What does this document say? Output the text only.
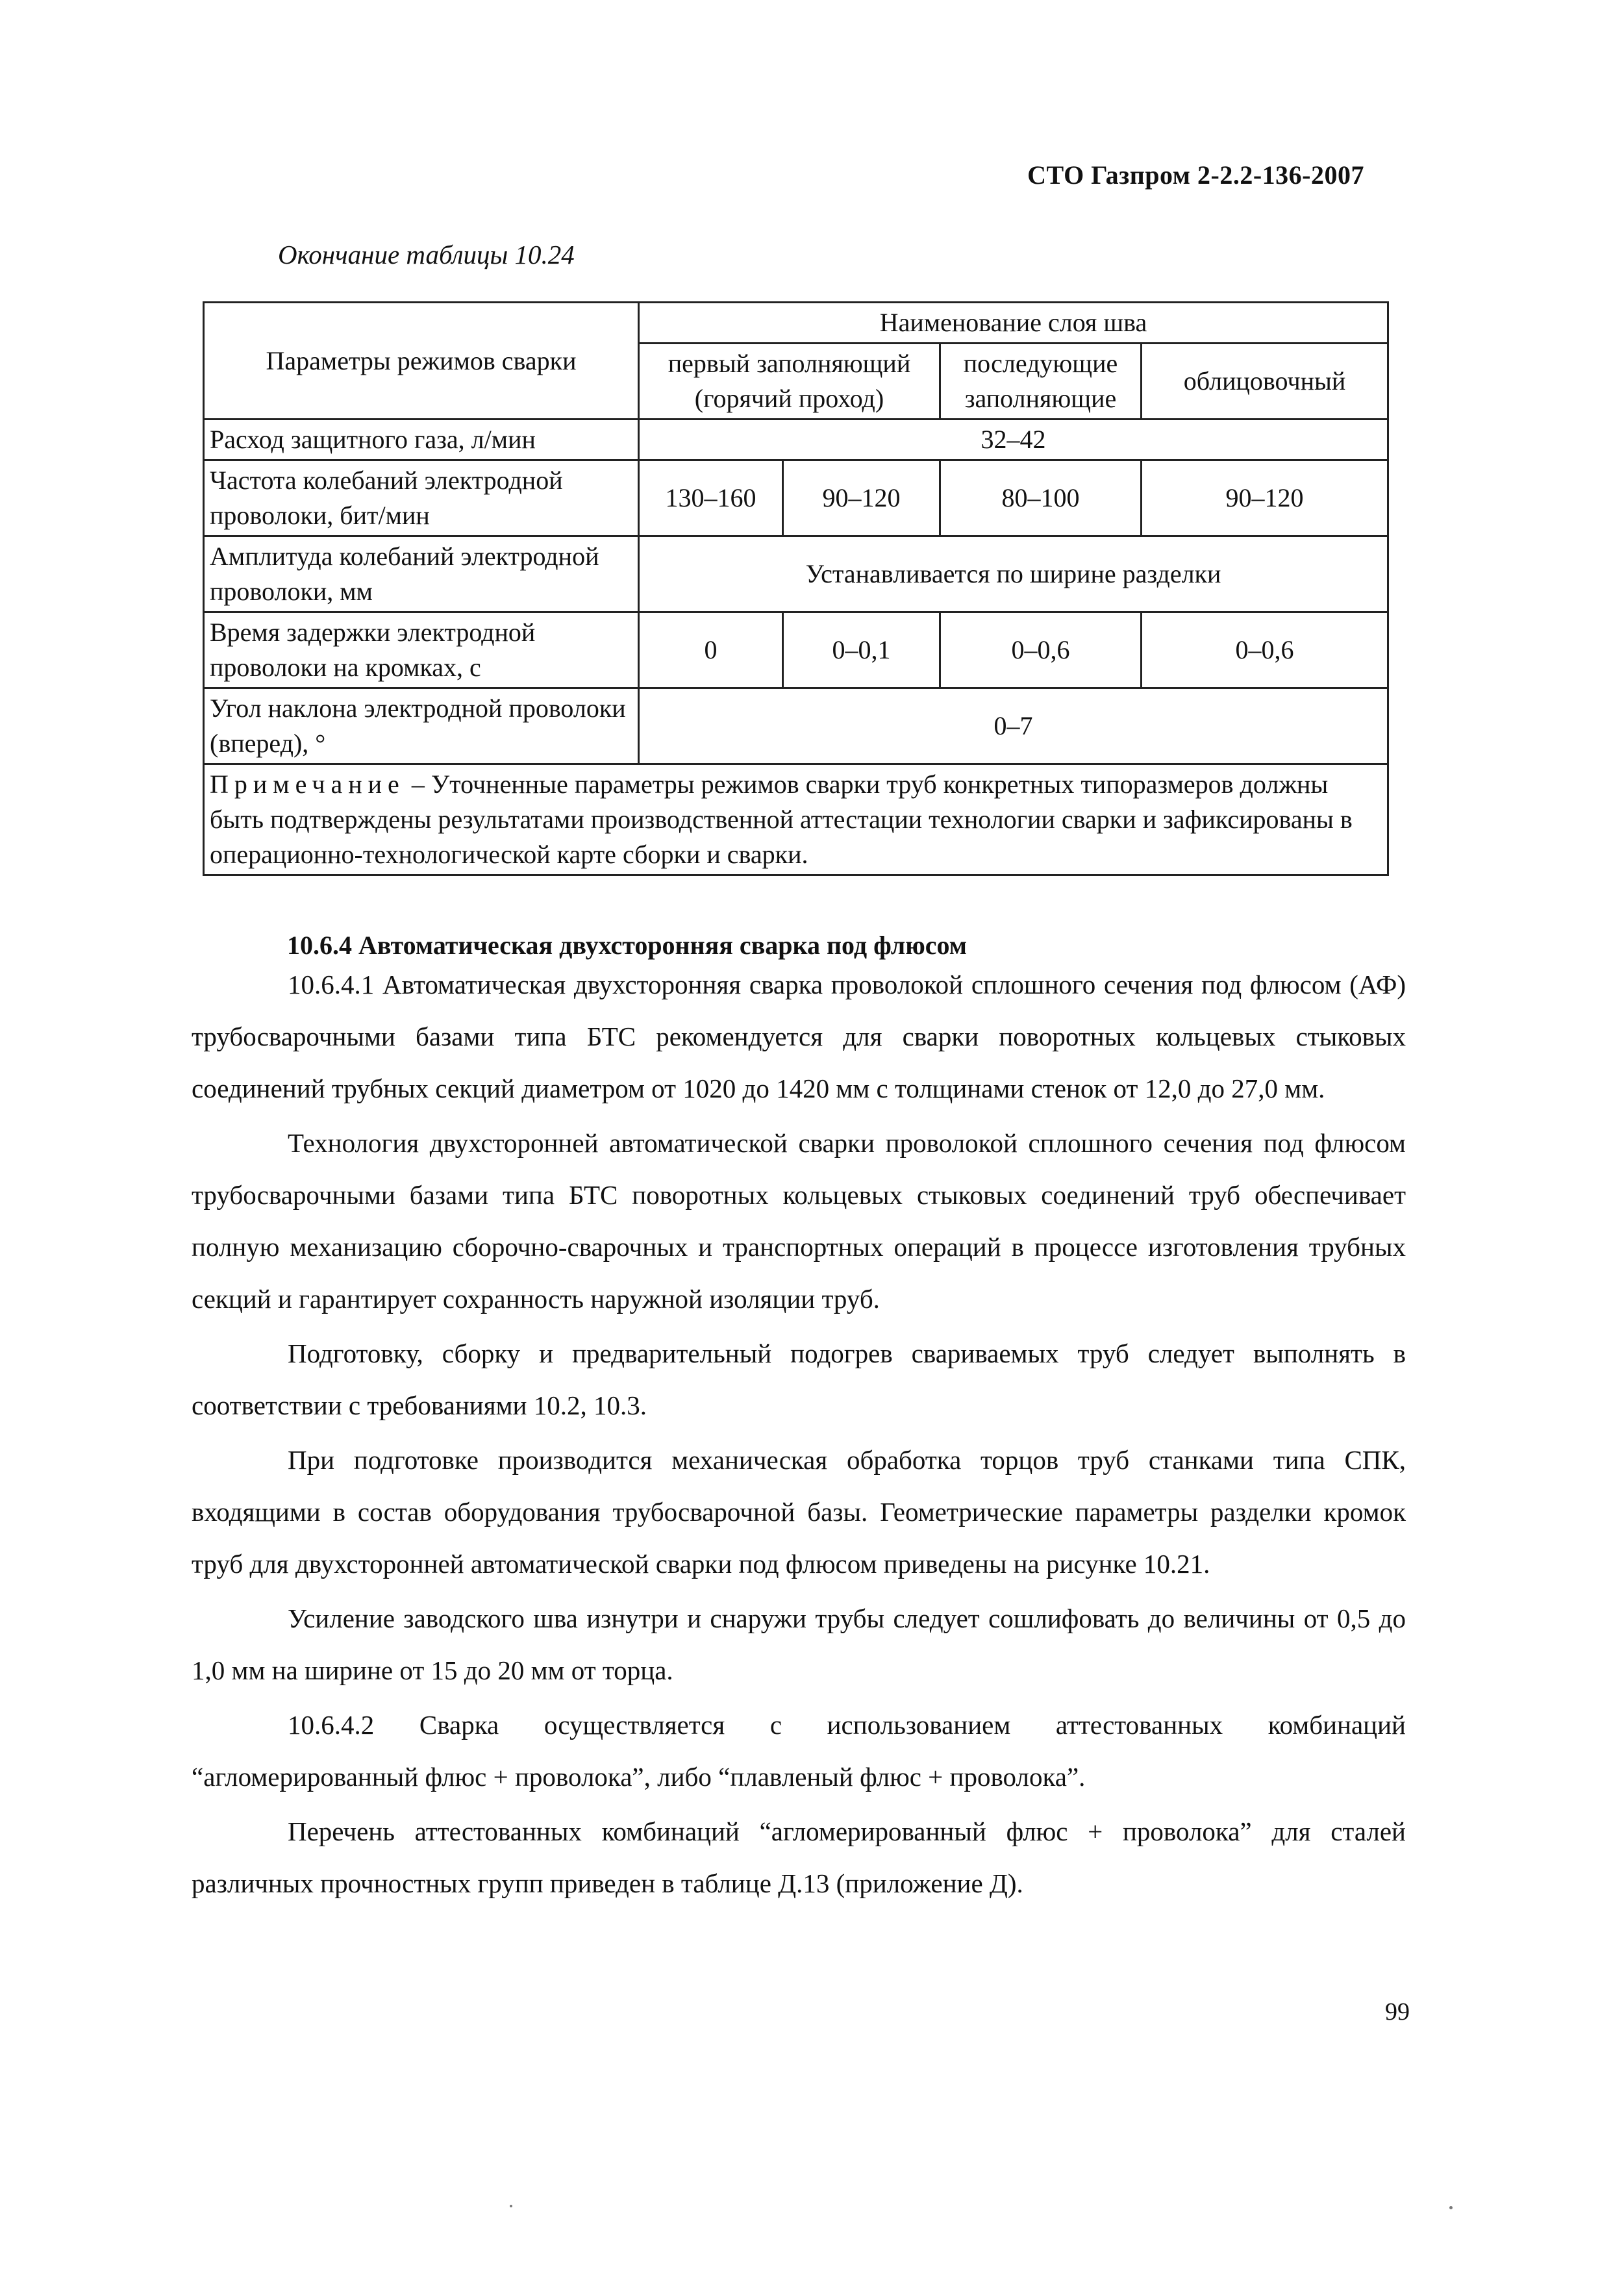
СТО Газпром 2-2.2-136-2007
Окончание таблицы 10.24
Параметры режимов сварки	Наименование слоя шва			
	первый заполняющий (горячий проход)		последующие заполняющие	облицовочный
Расход защитного газа, л/мин	32–42			
Частота колебаний электродной проволоки, бит/мин	130–160	90–120	80–100	90–120
Амплитуда колебаний электродной проволоки, мм	Устанавливается по ширине разделки			
Время задержки электродной проволоки на кромках, с	0	0–0,1	0–0,6	0–0,6
Угол наклона электродной проволоки (вперед), °	0–7			
Примечание – Уточненные параметры режимов сварки труб конкретных типоразмеров должны быть подтверждены результатами производственной аттестации технологии сварки и зафиксированы в операционно-технологической карте сборки и сварки.				
10.6.4 Автоматическая двухсторонняя сварка под флюсом

10.6.4.1 Автоматическая двухсторонняя сварка проволокой сплошного сечения под флюсом (АФ) трубосварочными базами типа БТС рекомендуется для сварки поворотных кольцевых стыковых соединений трубных секций диаметром от 1020 до 1420 мм с толщинами стенок от 12,0 до 27,0 мм.

Технология двухсторонней автоматической сварки проволокой сплошного сечения под флюсом трубосварочными базами типа БТС поворотных кольцевых стыковых соединений труб обеспечивает полную механизацию сборочно-сварочных и транспортных операций в процессе изготовления трубных секций и гарантирует сохранность наружной изоляции труб.

Подготовку, сборку и предварительный подогрев свариваемых труб следует выполнять в соответствии с требованиями 10.2, 10.3.

При подготовке производится механическая обработка торцов труб станками типа СПК, входящими в состав оборудования трубосварочной базы. Геометрические параметры разделки кромок труб для двухсторонней автоматической сварки под флюсом приведены на рисунке 10.21.

Усиление заводского шва изнутри и снаружи трубы следует сошлифовать до величины от 0,5 до 1,0 мм на ширине от 15 до 20 мм от торца.

10.6.4.2 Сварка осуществляется с использованием аттестованных комбинаций “агломерированный флюс + проволока”, либо “плавленый флюс + проволока”.

Перечень аттестованных комбинаций “агломерированный флюс + проволока” для сталей различных прочностных групп приведен в таблице Д.13 (приложение Д).

99
